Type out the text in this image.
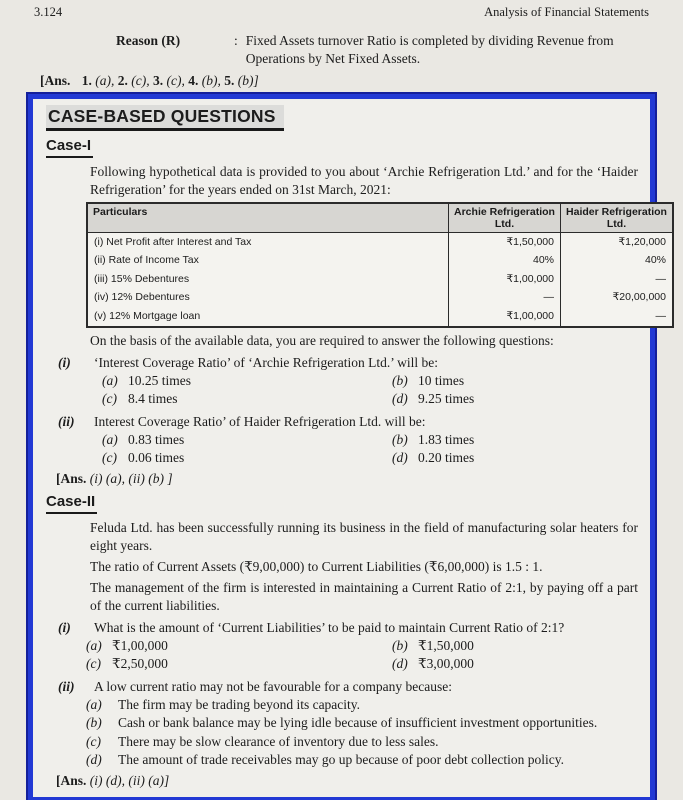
3.124	Analysis of Financial Statements
Reason (R)	: Fixed Assets turnover Ratio is completed by dividing Revenue from Operations by Net Fixed Assets.
[Ans. 1. (a), 2. (c), 3. (c), 4. (b), 5. (b)]
CASE-BASED QUESTIONS
Case-I

Following hypothetical data is provided to you about ‘Archie Refrigeration Ltd.’ and for the ‘Haider Refrigeration’ for the years ended on 31st March, 2021:

Particulars	Archie Refrigeration Ltd.	Haider Refrigeration Ltd.
(i) Net Profit after Interest and Tax	₹1,50,000	₹1,20,000
(ii) Rate of Income Tax	40%	40%
(iii) 15% Debentures	₹1,00,000	—
(iv) 12% Debentures	—	₹20,00,000
(v) 12% Mortgage loan	₹1,00,000	—

On the basis of the available data, you are required to answer the following questions:

(i)	‘Interest Coverage Ratio’ of ‘Archie Refrigeration Ltd.’ will be:
(a) 10.25 times	(b) 10 times
(c) 8.4 times	(d) 9.25 times
(ii)	Interest Coverage Ratio’ of Haider Refrigeration Ltd. will be:
(a) 0.83 times	(b) 1.83 times
(c) 0.06 times	(d) 0.20 times
[Ans. (i) (a), (ii) (b) ]
Case-II

Feluda Ltd. has been successfully running its business in the field of manufacturing solar heaters for eight years.

The ratio of Current Assets (₹9,00,000) to Current Liabilities (₹6,00,000) is 1.5 : 1.

The management of the firm is interested in maintaining a Current Ratio of 2:1, by paying off a part of the current liabilities.

(i)	What is the amount of ‘Current Liabilities’ to be paid to maintain Current Ratio of 2:1?
(a) ₹1,00,000	(b) ₹1,50,000
(c) ₹2,50,000	(d) ₹3,00,000
(ii)	A low current ratio may not be favourable for a company because:
(a)	The firm may be trading beyond its capacity.
(b)	Cash or bank balance may be lying idle because of insufficient investment opportunities.
(c)	There may be slow clearance of inventory due to less sales.
(d)	The amount of trade receivables may go up because of poor debt collection policy.
[Ans. (i) (d), (ii) (a)]
